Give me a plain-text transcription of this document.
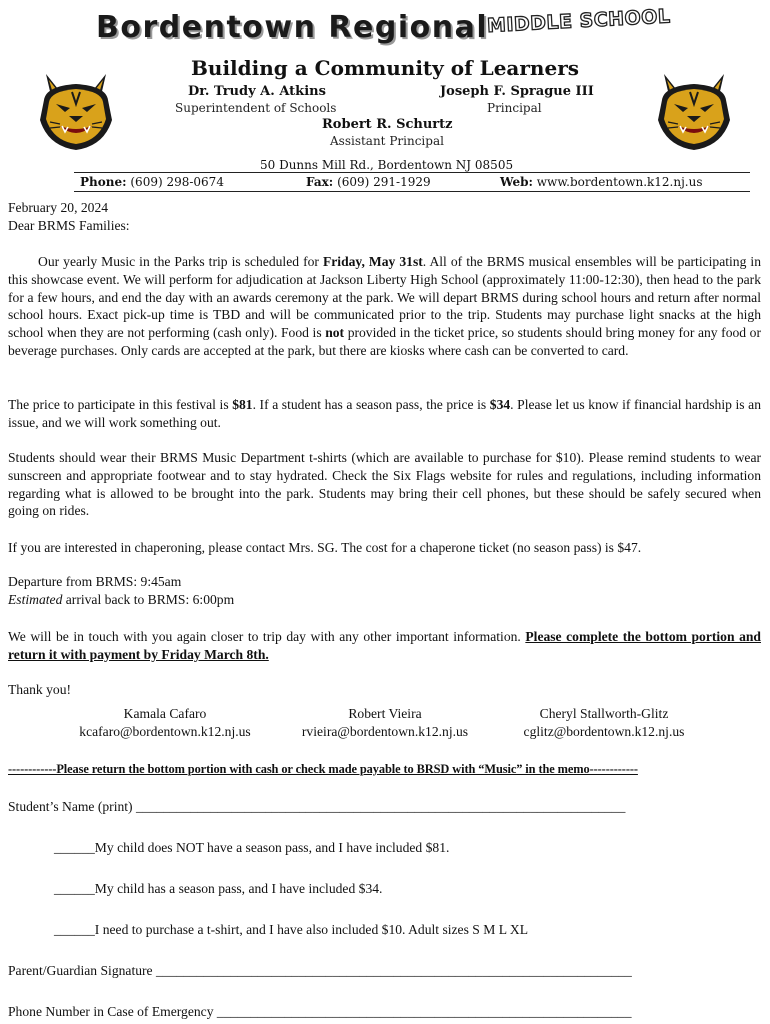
Bordentown Regional
MIDDLE SCHOOL
Building a Community of Learners
Dr. Trudy A. Atkins
Superintendent of Schools
Joseph F. Sprague III
Principal
Robert R. Schurtz
Assistant Principal
50 Dunns Mill Rd., Bordentown NJ 08505
Phone: (609) 298-0674	Fax: (609) 291-1929	Web: www.bordentown.k12.nj.us
February 20, 2024
Dear BRMS Families:

Our yearly Music in the Parks trip is scheduled for Friday, May 31st. All of the BRMS musical ensembles will be participating in this showcase event. We will perform for adjudication at Jackson Liberty High School (approximately 11:00-12:30), then head to the park for a few hours, and end the day with an awards ceremony at the park. We will depart BRMS during school hours and return after normal school hours. Exact pick-up time is TBD and will be communicated prior to the trip. Students may purchase light snacks at the high school when they are not performing (cash only). Food is not provided in the ticket price, so students should bring money for any food or beverage purchases. Only cards are accepted at the park, but there are kiosks where cash can be converted to card.

The price to participate in this festival is $81. If a student has a season pass, the price is $34. Please let us know if financial hardship is an issue, and we will work something out.

Students should wear their BRMS Music Department t-shirts (which are available to purchase for $10). Please remind students to wear sunscreen and appropriate footwear and to stay hydrated. Check the Six Flags website for rules and regulations, including information regarding what is allowed to be brought into the park. Students may bring their cell phones, but these should be safely secured when going on rides.

If you are interested in chaperoning, please contact Mrs. SG. The cost for a chaperone ticket (no season pass) is $47.

Departure from BRMS: 9:45am
Estimated arrival back to BRMS: 6:00pm

We will be in touch with you again closer to trip day with any other important information. Please complete the bottom portion and return it with payment by Friday March 8th.

Thank you!
Kamala Cafaro
kcafaro@bordentown.k12.nj.us
Robert Vieira
rvieira@bordentown.k12.nj.us
Cheryl Stallworth-Glitz
cglitz@bordentown.k12.nj.us
------------Please return the bottom portion with cash or check made payable to BRSD with “Music” in the memo------------
Student’s Name (print) ________________________________________________________________________
______My child does NOT have a season pass, and I have included $81.
______My child has a season pass, and I have included $34.
______I need to purchase a t-shirt, and I have also included $10. Adult sizes S M L XL
Parent/Guardian Signature ______________________________________________________________________
Phone Number in Case of Emergency _____________________________________________________________
